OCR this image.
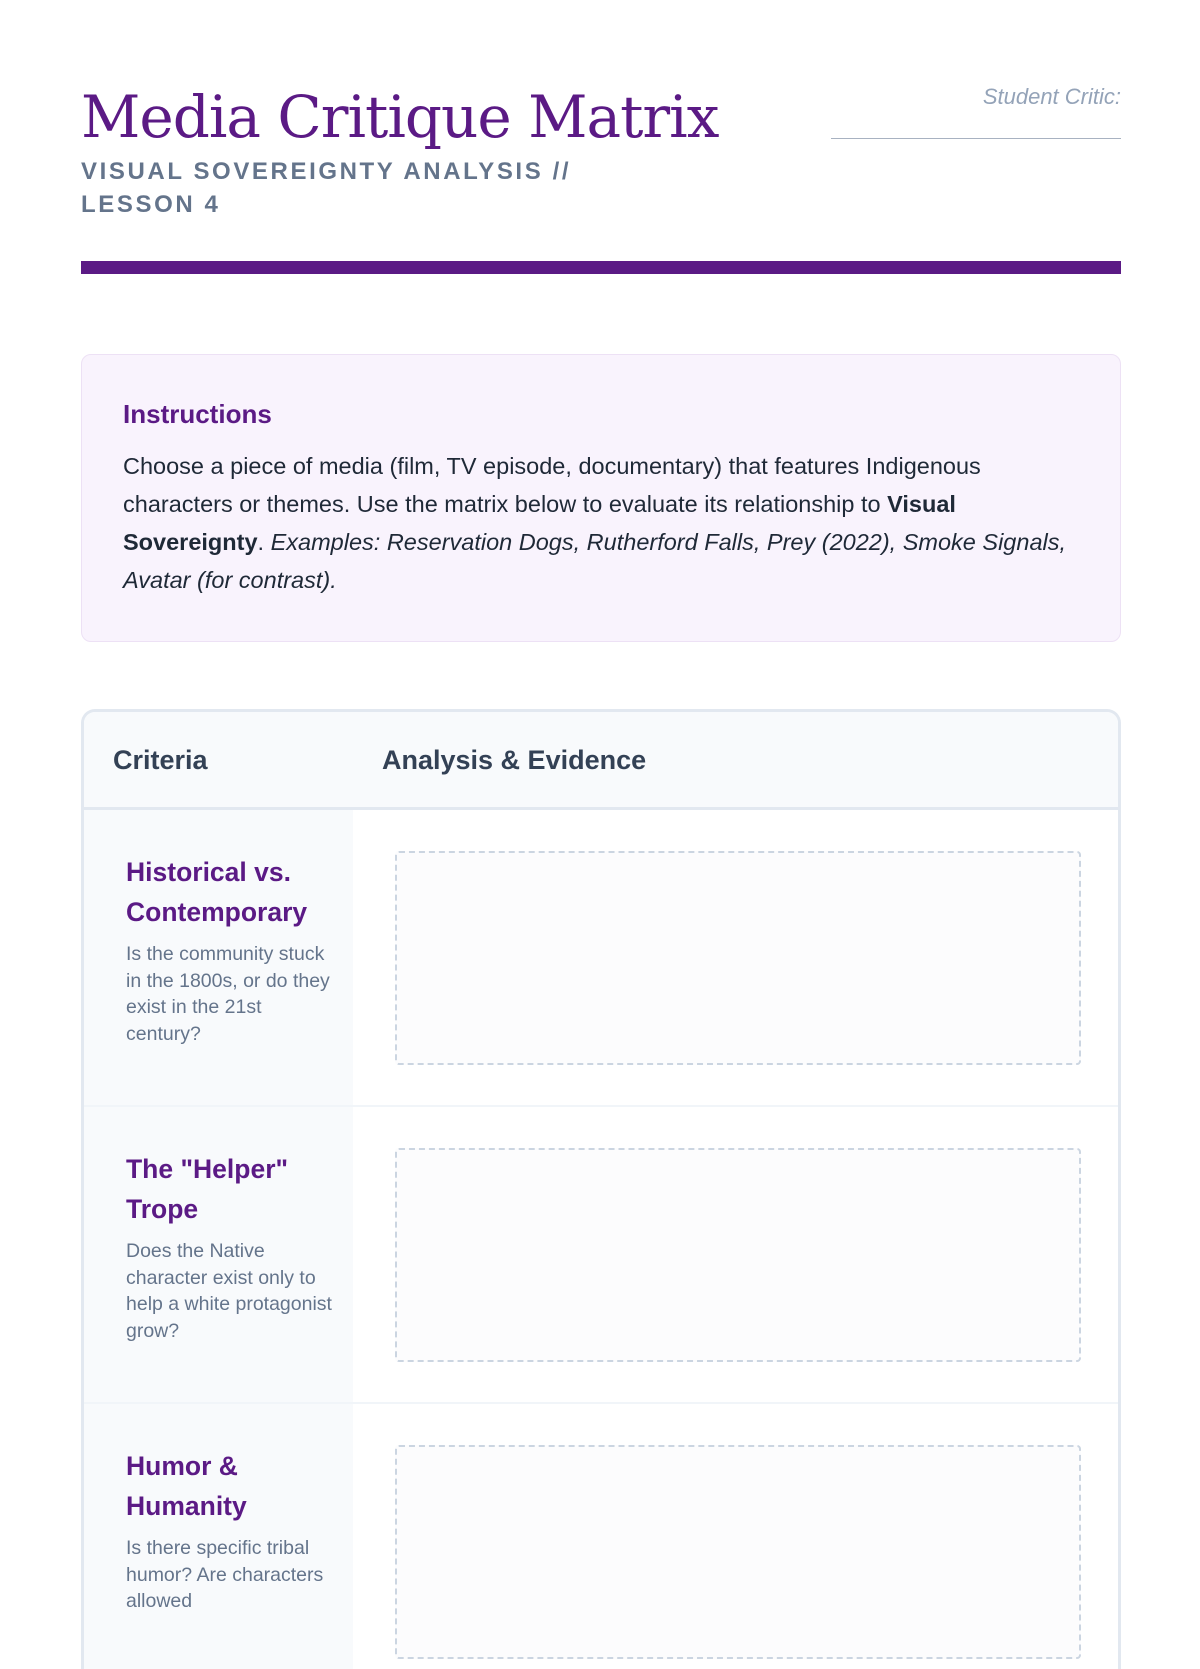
Media Critique Matrix
VISUAL SOVEREIGNTY ANALYSIS // LESSON 4
Student Critic:
Instructions

Choose a piece of media (film, TV episode, documentary) that features Indigenous characters or themes. Use the matrix below to evaluate its relationship to Visual Sovereignty. Examples: Reservation Dogs, Rutherford Falls, Prey (2022), Smoke Signals, Avatar (for contrast).

Criteria	Analysis & Evidence
Historical vs. Contemporary

Is the community stuck in the 1800s, or do they exist in the 21st century?

The "Helper" Trope

Does the Native character exist only to help a white protagonist grow?

Humor & Humanity

Is there specific tribal humor? Are characters allowed
